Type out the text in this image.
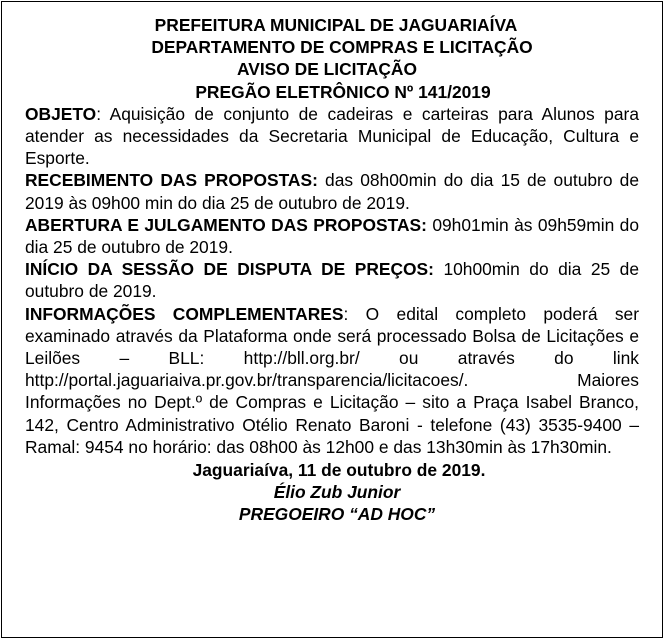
PREFEITURA MUNICIPAL DE JAGUARIAÍVA
DEPARTAMENTO DE COMPRAS E LICITAÇÃO
AVISO DE LICITAÇÃO
PREGÃO ELETRÔNICO Nº 141/2019

OBJETO: Aquisição de conjunto de cadeiras e carteiras para Alunos para atender as necessidades da Secretaria Municipal de Educação, Cultura e Esporte.

RECEBIMENTO DAS PROPOSTAS: das 08h00min do dia 15 de outubro de 2019 às 09h00 min do dia 25 de outubro de 2019.

ABERTURA E JULGAMENTO DAS PROPOSTAS: 09h01min às 09h59min do dia 25 de outubro de 2019.

INÍCIO DA SESSÃO DE DISPUTA DE PREÇOS: 10h00min do dia 25 de outubro de 2019.

INFORMAÇÕES COMPLEMENTARES: O edital completo poderá ser examinado através da Plataforma onde será processado Bolsa de Licitações e Leilões – BLL: http://bll.org.br/ ou através do link http://portal.jaguariaiva.pr.gov.br/transparencia/licitacoes/.    Maiores Informações no Dept.º de Compras e Licitação – sito a Praça Isabel Branco, 142, Centro Administrativo Otélio Renato Baroni - telefone (43) 3535-9400 – Ramal: 9454 no horário: das 08h00 às 12h00 e das 13h30min às 17h30min.

Jaguariaíva, 11 de outubro de 2019.
Élio Zub Junior
PREGOEIRO “AD HOC”
